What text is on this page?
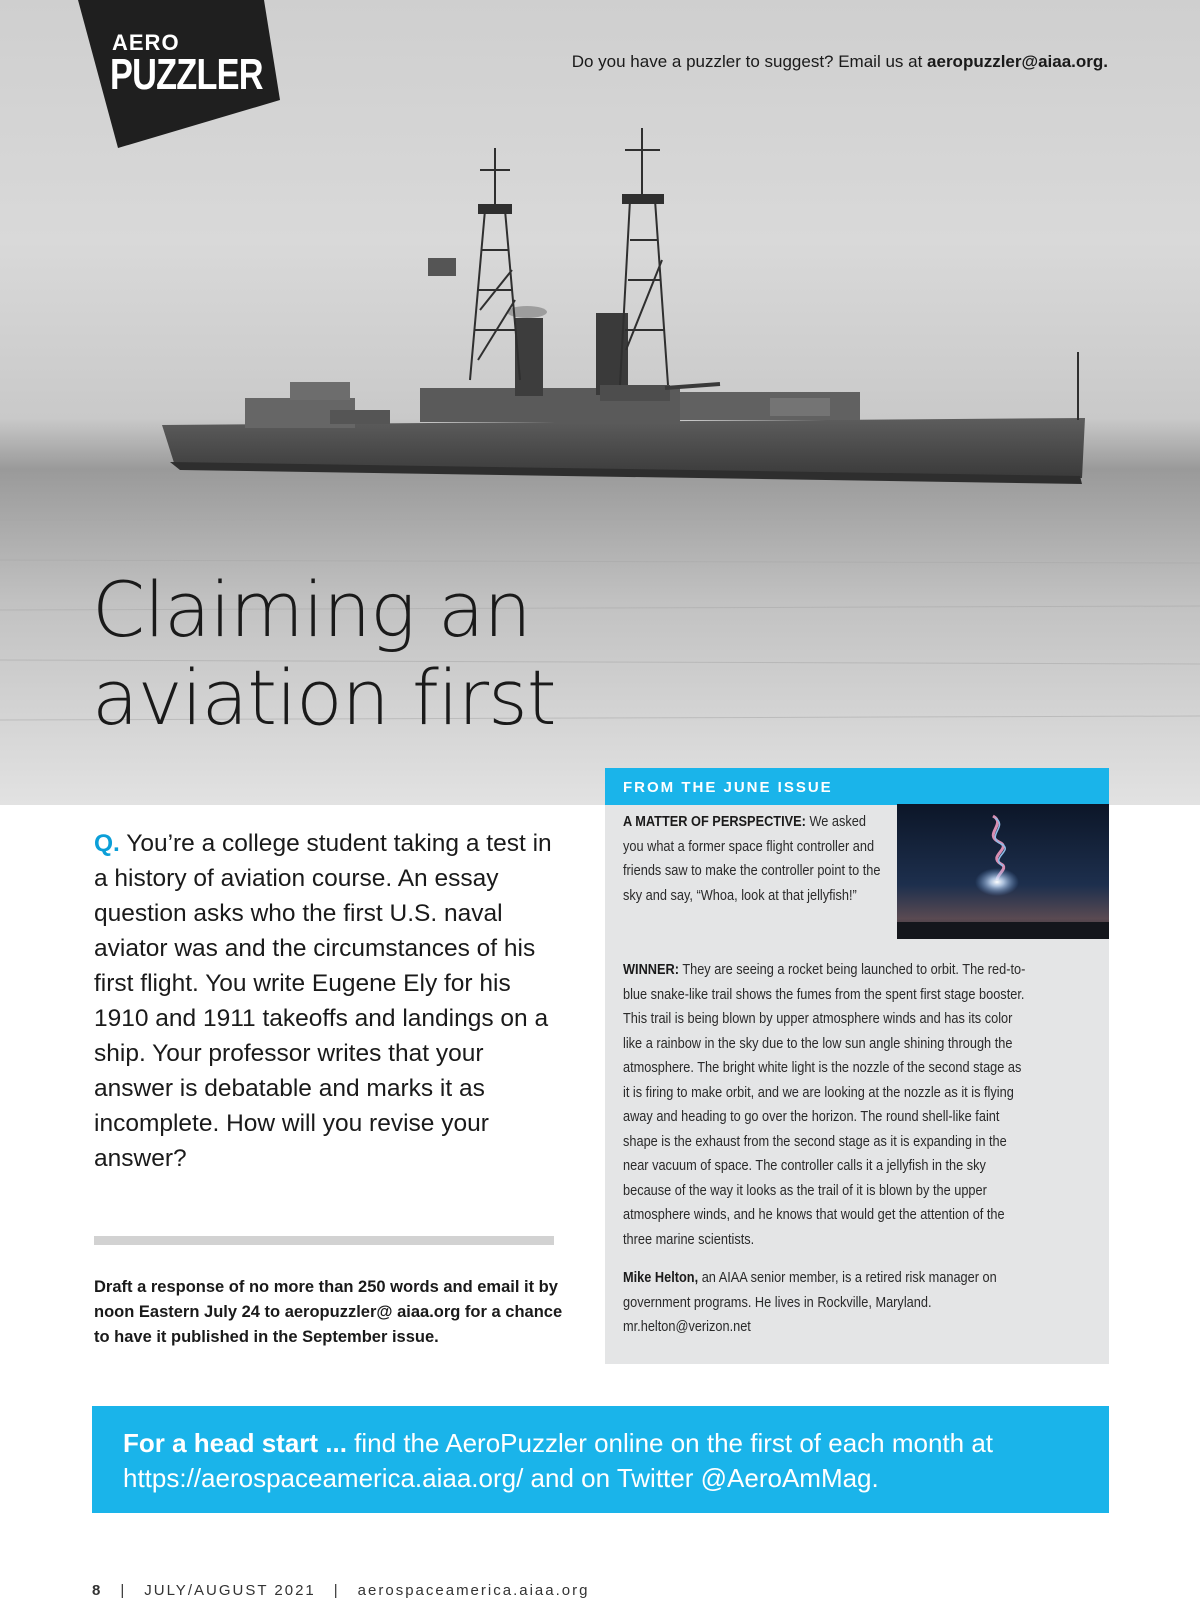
AERO
PUZZLER	Do you have a puzzler to suggest? Email us at aeropuzzler@aiaa.org.
Claiming an
aviation first

Q. You’re a college student taking a test in a history of aviation course. An essay question asks who the first U.S. naval aviator was and the circumstances of his first flight. You write Eugene Ely for his 1910 and 1911 takeoffs and landings on a ship. Your professor writes that your answer is debatable and marks it as incomplete. How will you revise your answer?

Draft a response of no more than 250 words and email it by noon Eastern July 24 to aeropuzzler@ aiaa.org for a chance to have it published in the September issue.

FROM THE JUNE ISSUE

A MATTER OF PERSPECTIVE: We asked you what a former space flight controller and friends saw to make the controller point to the sky and say, “Whoa, look at that jellyfish!”

WINNER: They are seeing a rocket being launched to orbit. The red-to-blue snake-like trail shows the fumes from the spent first stage booster. This trail is being blown by upper atmosphere winds and has its color like a rainbow in the sky due to the low sun angle shining through the atmosphere. The bright white light is the nozzle of the second stage as it is firing to make orbit, and we are looking at the nozzle as it is flying away and heading to go over the horizon. The round shell-like faint shape is the exhaust from the second stage as it is expanding in the near vacuum of space. The controller calls it a jellyfish in the sky because of the way it looks as the trail of it is blown by the upper atmosphere winds, and he knows that would get the attention of the three marine scientists.

Mike Helton, an AIAA senior member, is a retired risk manager on government programs. He lives in Rockville, Maryland.
mr.helton@verizon.net

For a head start ... find the AeroPuzzler online on the first of each month at https://aerospaceamerica.aiaa.org/ and on Twitter @AeroAmMag.

8 | JULY/AUGUST 2021 | aerospaceamerica.aiaa.org
